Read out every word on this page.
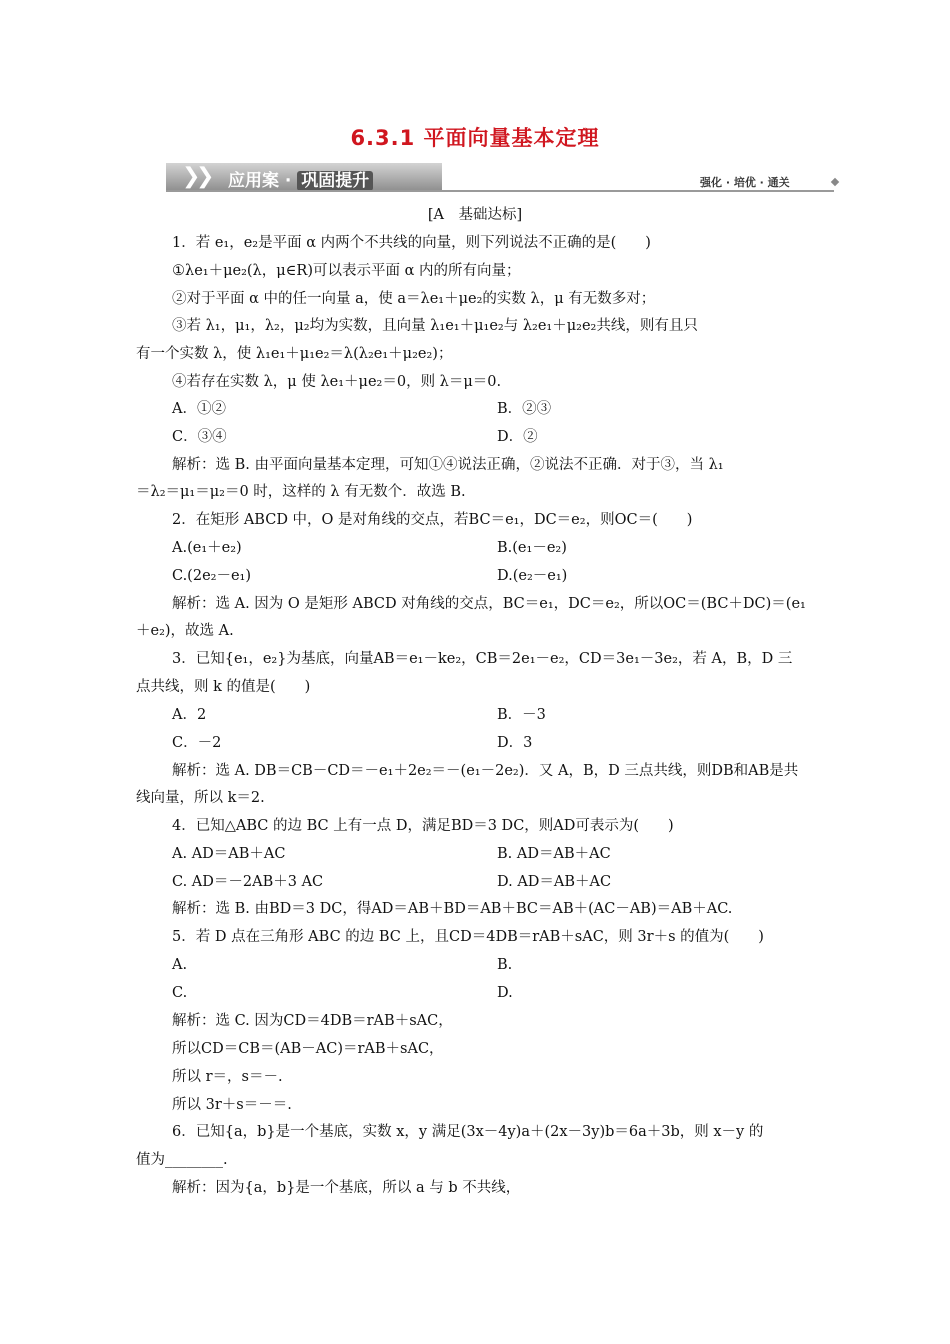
6.3.1 平面向量基本定理
❯
❯ 应用案 · 巩固提升	强化 · 培优 · 通关
[A　基础达标]
1．若 e₁，e₂是平面 α 内两个不共线的向量，则下列说法不正确的是(　　)
①λe₁＋μe₂(λ，μ∈R)可以表示平面 α 内的所有向量；
②对于平面 α 中的任一向量 a，使 a＝λe₁＋μe₂的实数 λ，μ 有无数多对；
③若 λ₁，μ₁，λ₂，μ₂均为实数，且向量 λ₁e₁＋μ₁e₂与 λ₂e₁＋μ₂e₂共线，则有且只
有一个实数 λ，使 λ₁e₁＋μ₁e₂＝λ(λ₂e₁＋μ₂e₂)；
④若存在实数 λ，μ 使 λe₁＋μe₂＝0，则 λ＝μ＝0.
A．①②	B．②③
C．③④	D．②
解析：选 B. 由平面向量基本定理，可知①④说法正确，②说法不正确．对于③，当 λ₁
＝λ₂＝μ₁＝μ₂＝0 时，这样的 λ 有无数个．故选 B.
2．在矩形 ABCD 中，O 是对角线的交点，若BC＝e₁，DC＝e₂，则OC＝(　　)
A.(e₁＋e₂)	B.(e₁－e₂)
C.(2e₂－e₁)	D.(e₂－e₁)
解析：选 A. 因为 O 是矩形 ABCD 对角线的交点，BC＝e₁，DC＝e₂，所以OC＝(BC＋DC)＝(e₁
＋e₂)，故选 A.
3．已知{e₁，e₂}为基底，向量AB＝e₁－ke₂，CB＝2e₁－e₂，CD＝3e₁－3e₂，若 A，B，D 三
点共线，则 k 的值是(　　)
A．2	B．－3
C．－2	D．3
解析：选 A. DB＝CB－CD＝－e₁＋2e₂＝－(e₁－2e₂)．又 A，B，D 三点共线，则DB和AB是共
线向量，所以 k＝2.
4．已知△ABC 的边 BC 上有一点 D，满足BD＝3 DC，则AD可表示为(　　)
A. AD＝AB＋AC	B. AD＝AB＋AC
C. AD＝－2AB＋3 AC	D. AD＝AB＋AC
解析：选 B. 由BD＝3 DC，得AD＝AB＋BD＝AB＋BC＝AB＋(AC－AB)＝AB＋AC.
5．若 D 点在三角形 ABC 的边 BC 上，且CD＝4DB＝rAB＋sAC，则 3r＋s 的值为(　　)
A.	B.
C.	D.
解析：选 C. 因为CD＝4DB＝rAB＋sAC，
所以CD＝CB＝(AB－AC)＝rAB＋sAC，
所以 r＝，s＝－.
所以 3r＋s＝－＝.
6．已知{a，b}是一个基底，实数 x，y 满足(3x－4y)a＋(2x－3y)b＝6a＋3b，则 x－y 的
值为________.
解析：因为{a，b}是一个基底，所以 a 与 b 不共线，
